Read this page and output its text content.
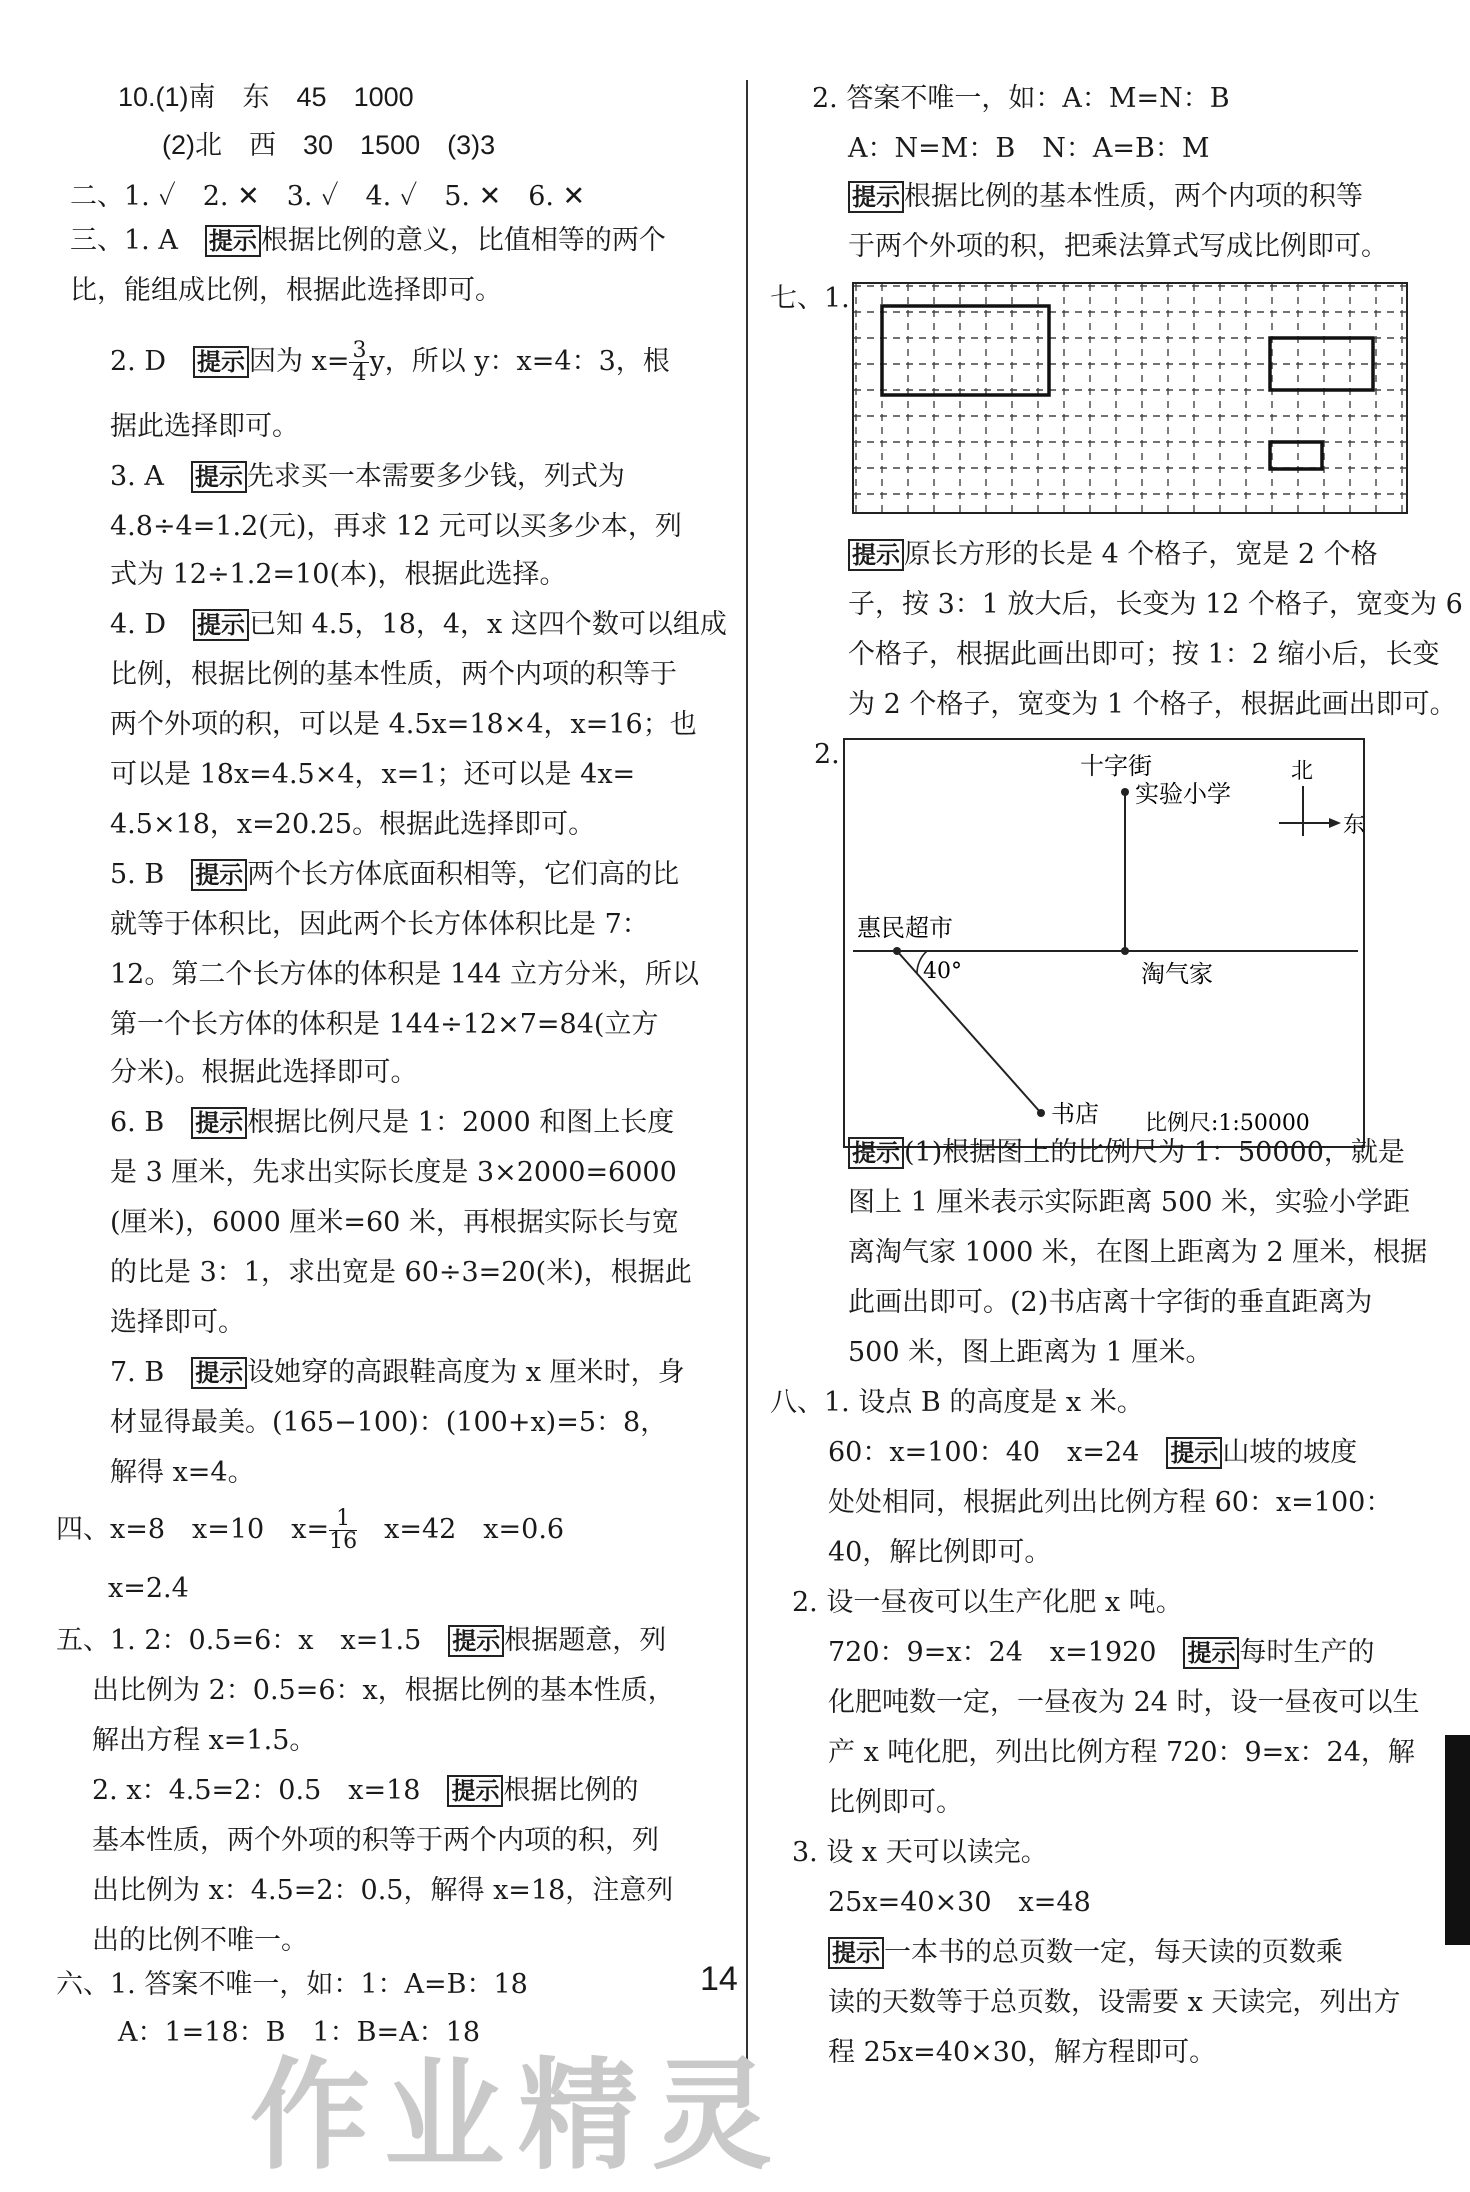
10.(1)南　东　45　1000
(2)北　西　30　1500　(3)3
二、1. ✓　2. ✕　3. ✓　4. ✓　5. ✕　6. ✕
三、1. A　 提示 根据比例的意义，比值相等的两个
比，能组成比例，根据此选择即可。
2. D　 提示 因为 $x= \frac{3}{4}$ y，所以 y：x=4：3，根
据此选择即可。
3. A　 提示 先求买一本需要多少钱，列式为
4.8÷4=1.2(元)，再求 12 元可以买多少本，列
式为 12÷1.2=10(本)，根据此选择。
4. D　 提示 已知 4.5，18，4，x 这四个数可以组成
比例，根据比例的基本性质，两个内项的积等于
两个外项的积，可以是 4.5x=18×4，x=16；也
可以是 18x=4.5×4，x=1；还可以是 4x=
4.5×18，x=20.25。根据此选择即可。
5. B　 提示 两个长方体底面积相等，它们高的比
就等于体积比，因此两个长方体体积比是 7：
12。第二个长方体的体积是 144 立方分米，所以
第一个长方体的体积是 144÷12×7=84(立方
分米)。根据此选择即可。
6. B　 提示 根据比例尺是 1：2000 和图上长度
是 3 厘米，先求出实际长度是 3×2000=6000
(厘米)，6000 厘米=60 米，再根据实际长与宽
的比是 3：1，求出宽是 60÷3=20(米)，根据此
选择即可。
7. B　 提示 设她穿的高跟鞋高度为 x 厘米时，身
材显得最美。(165−100)：(100+x)=5：8，
解得 x=4。
四、x=8　x=10　$x= \frac{1}{16}$
　 x=42　x=0.6
x=2.4
五、1. 2：0.5=6：x　x=1.5　 提示 根据题意，列
出比例为 2：0.5=6：x，根据比例的基本性质，
解出方程 x=1.5。
2. x：4.5=2：0.5　x=18　 提示 根据比例的
基本性质，两个外项的积等于两个内项的积，列
出比例为 x：4.5=2：0.5，解得 x=18，注意列
出的比例不唯一。
六、1. 答案不唯一，如：1：A=B：18
A：1=18：B　1：B=A：18
2. 答案不唯一，如：A：M=N：B
A：N=M：B　N：A=B：M
提示 根据比例的基本性质，两个内项的积等
于两个外项的积，把乘法算式写成比例即可。
七、1.
提示 原长方形的长是 4 个格子，宽是 2 个格
子，按 3：1 放大后，长变为 12 个格子，宽变为 6
个格子，根据此画出即可；按 1：2 缩小后，长变
为 2 个格子，宽变为 1 个格子，根据此画出即可。
2.	十字街
实验小学
惠民超市
淘气家
书店
40°
北
东
比例尺:1:50000
提示 (1)根据图上的比例尺为 1：50000，就是
图上 1 厘米表示实际距离 500 米，实验小学距
离淘气家 1000 米，在图上距离为 2 厘米，根据
此画出即可。(2)书店离十字街的垂直距离为
500 米，图上距离为 1 厘米。
八、1. 设点 B 的高度是 x 米。
60：x=100：40　x=24　 提示 山坡的坡度
处处相同，根据此列出比例方程 60：x=100：
40，解比例即可。
2. 设一昼夜可以生产化肥 x 吨。
720：9=x：24　x=1920　 提示 每时生产的
化肥吨数一定，一昼夜为 24 时，设一昼夜可以生
产 x 吨化肥，列出比例方程 720：9=x：24，解
比例即可。
3. 设 x 天可以读完。
25x=40×30　x=48
提示 一本书的总页数一定，每天读的页数乘
读的天数等于总页数，设需要 x 天读完，列出方
程 25x=40×30，解方程即可。
14
作业精灵
